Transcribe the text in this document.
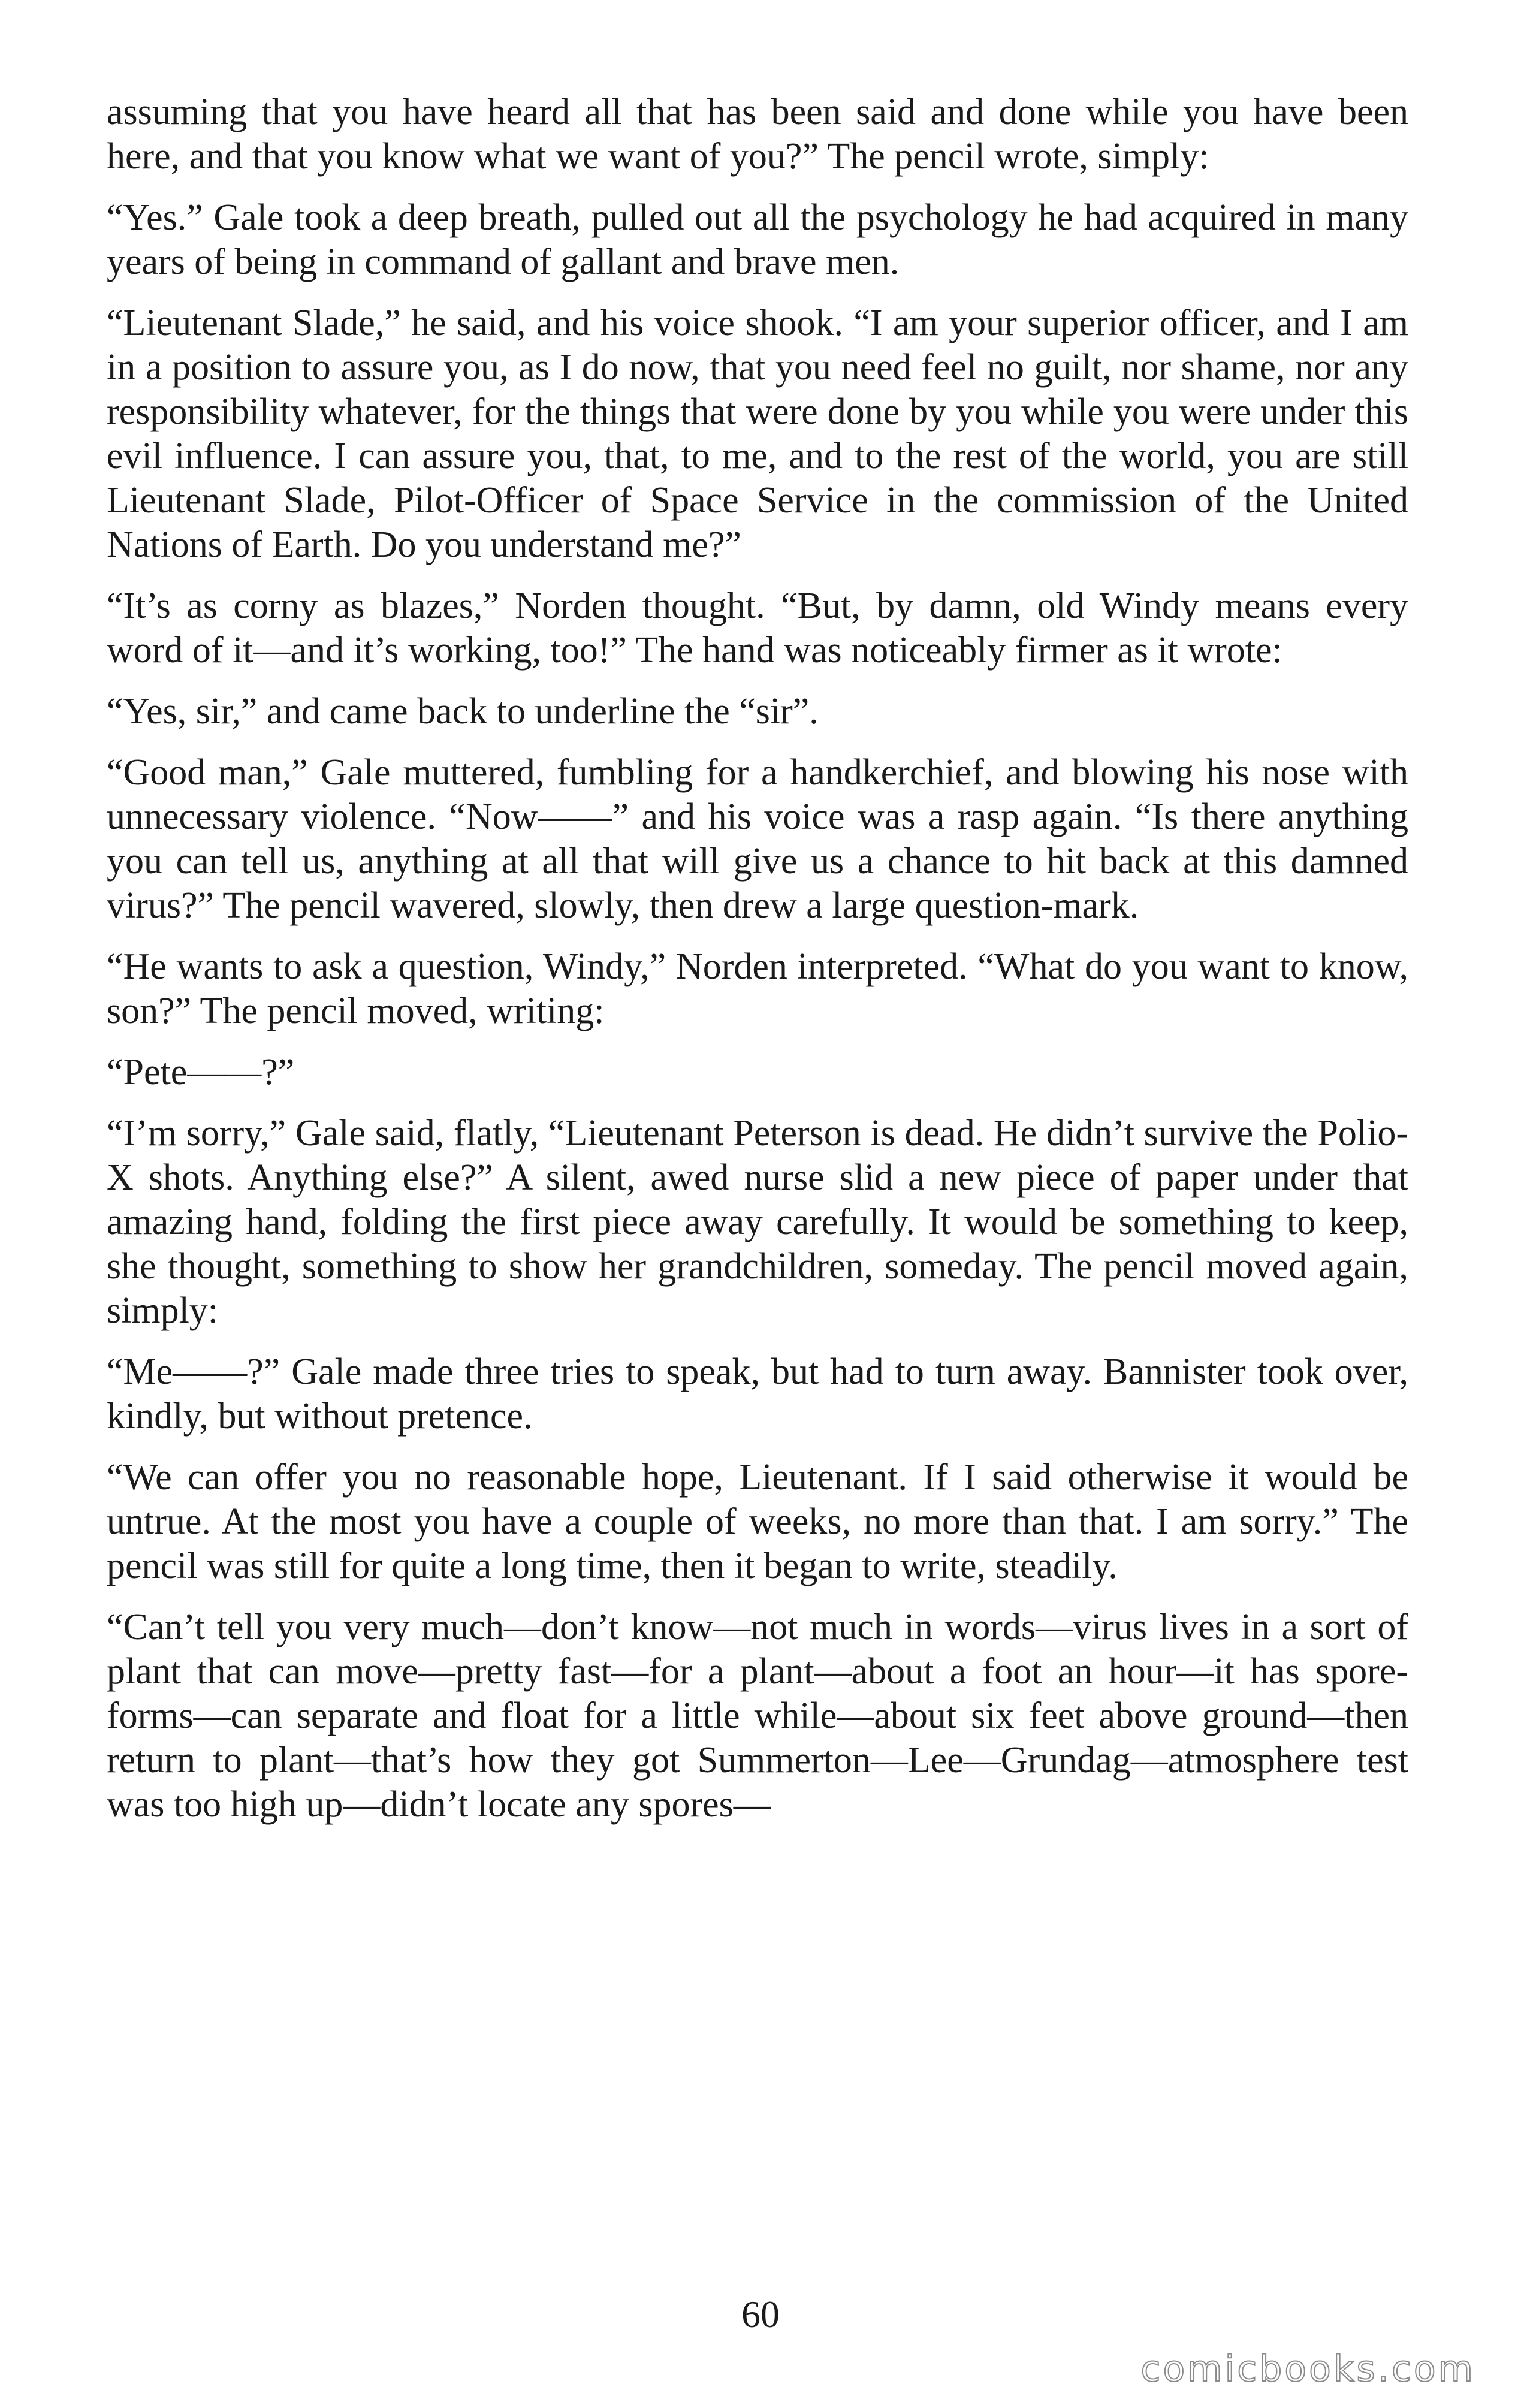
assuming that you have heard all that has been said and done while you have been here, and that you know what we want of you?” The pencil wrote, simply:

“Yes.” Gale took a deep breath, pulled out all the psychology he had acquired in many years of being in command of gallant and brave men.

“Lieutenant Slade,” he said, and his voice shook. “I am your superior officer, and I am in a position to assure you, as I do now, that you need feel no guilt, nor shame, nor any responsibility whatever, for the things that were done by you while you were under this evil influence. I can assure you, that, to me, and to the rest of the world, you are still Lieutenant Slade, Pilot-Officer of Space Service in the commission of the United Nations of Earth. Do you understand me?”

“It’s as corny as blazes,” Norden thought. “But, by damn, old Windy means every word of it—and it’s working, too!” The hand was noticeably firmer as it wrote:

“Yes, sir,” and came back to underline the “sir”.

“Good man,” Gale muttered, fumbling for a handkerchief, and blowing his nose with unnecessary violence. “Now——” and his voice was a rasp again. “Is there anything you can tell us, anything at all that will give us a chance to hit back at this damned virus?” The pencil wavered, slowly, then drew a large question-mark.

“He wants to ask a question, Windy,” Norden interpreted. “What do you want to know, son?” The pencil moved, writing:

“Pete——?”

“I’m sorry,” Gale said, flatly, “Lieutenant Peterson is dead. He didn’t survive the Polio-X shots. Anything else?” A silent, awed nurse slid a new piece of paper under that amazing hand, folding the first piece away carefully. It would be something to keep, she thought, something to show her grandchildren, someday. The pencil moved again, simply:

“Me——?” Gale made three tries to speak, but had to turn away. Bannister took over, kindly, but without pretence.

“We can offer you no reasonable hope, Lieutenant. If I said otherwise it would be untrue. At the most you have a couple of weeks, no more than that. I am sorry.” The pencil was still for quite a long time, then it began to write, steadily.

“Can’t tell you very much—don’t know—not much in words—virus lives in a sort of plant that can move—pretty fast—for a plant—about a foot an hour—it has spore-forms—can separate and float for a little while—about six feet above ground—then return to plant—that’s how they got Summerton—Lee—Grundag—atmosphere test was too high up—didn’t locate any spores—

60
comicbooks.com
